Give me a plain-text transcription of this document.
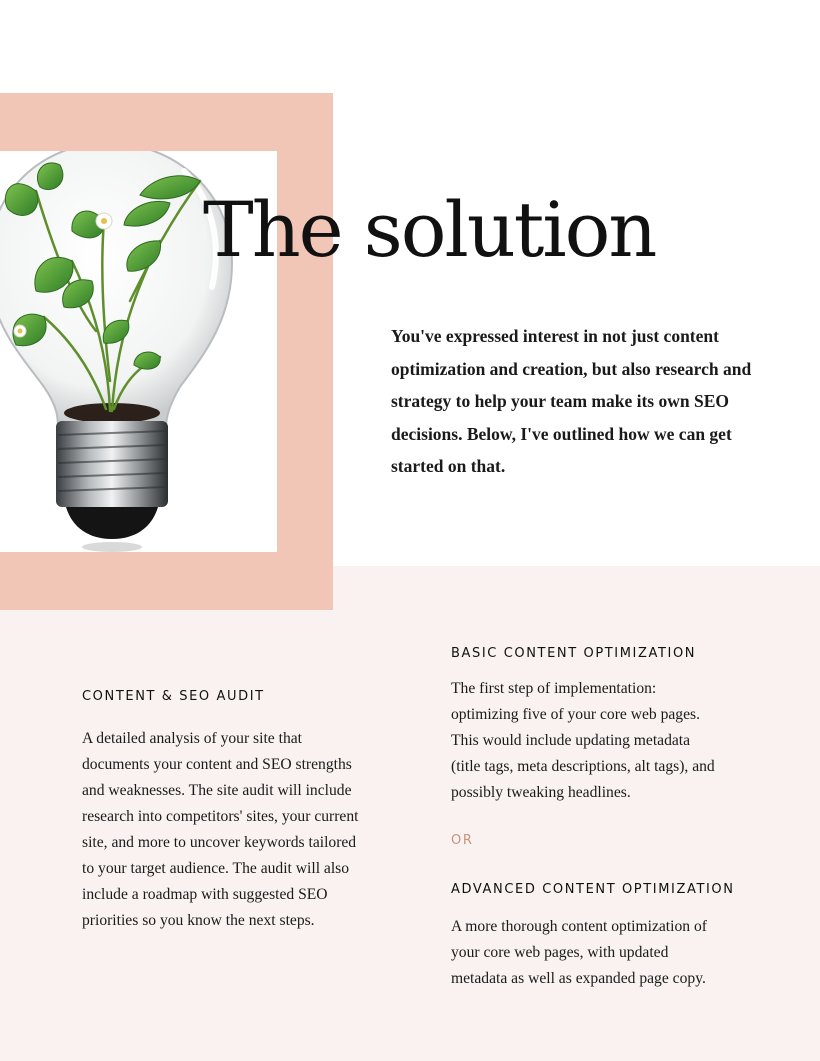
The solution

You've expressed interest in not just content optimization and creation, but also research and strategy to help your team make its own SEO decisions. Below, I've outlined how we can get started on that.

CONTENT & SEO AUDIT

A detailed analysis of your site that documents your content and SEO strengths and weaknesses. The site audit will include research into competitors' sites, your current site, and more to uncover keywords tailored to your target audience. The audit will also include a roadmap with suggested SEO priorities so you know the next steps.

BASIC CONTENT OPTIMIZATION

The first step of implementation: optimizing five of your core web pages. This would include updating metadata (title tags, meta descriptions, alt tags), and possibly tweaking headlines.

OR

ADVANCED CONTENT OPTIMIZATION

A more thorough content optimization of your core web pages, with updated metadata as well as expanded page copy.
